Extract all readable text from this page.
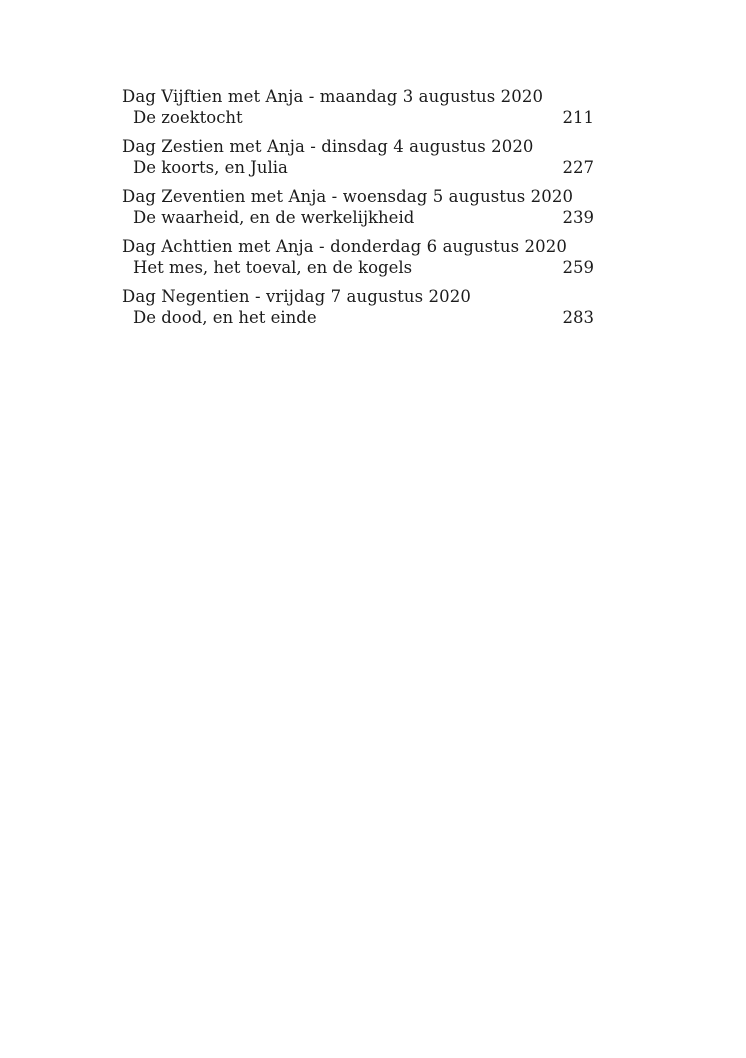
Dag Vijftien met Anja - maandag 3 augustus 2020
De zoektocht	211
Dag Zestien met Anja - dinsdag 4 augustus 2020
De koorts, en Julia	227
Dag Zeventien met Anja - woensdag 5 augustus 2020
De waarheid, en de werkelijkheid	239
Dag Achttien met Anja - donderdag 6 augustus 2020
Het mes, het toeval, en de kogels	259
Dag Negentien - vrijdag 7 augustus 2020
De dood, en het einde	283
